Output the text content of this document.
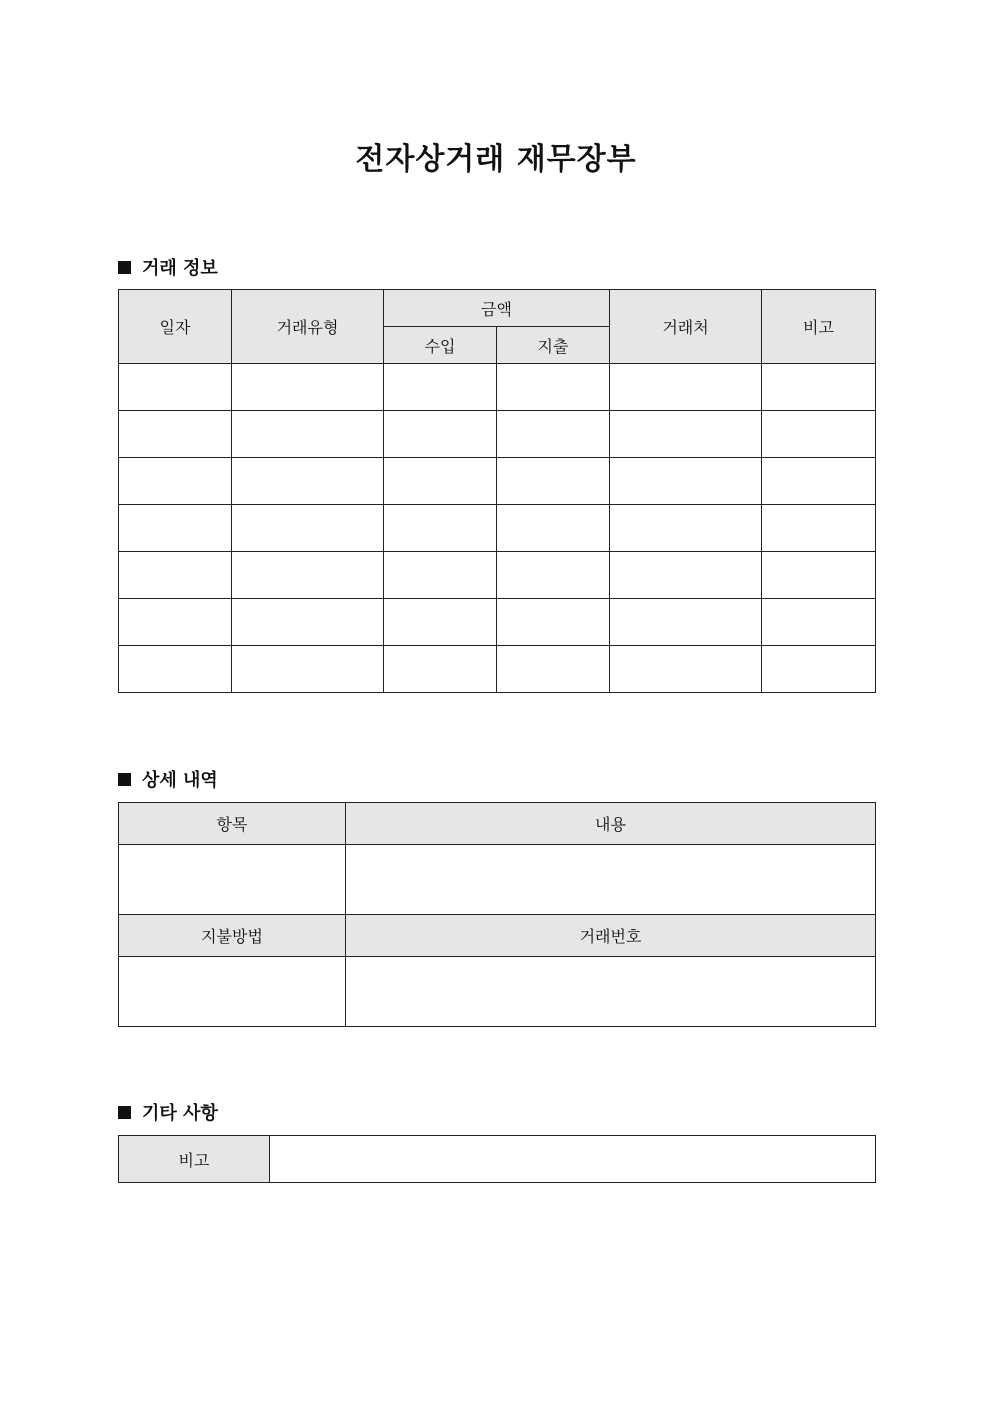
전자상거래 재무장부
거래 정보
일자	거래유형	금액		거래처	비고
		수입	지출		

상세 내역
항목	내용

지불방법	거래번호

기타 사항
비고	
